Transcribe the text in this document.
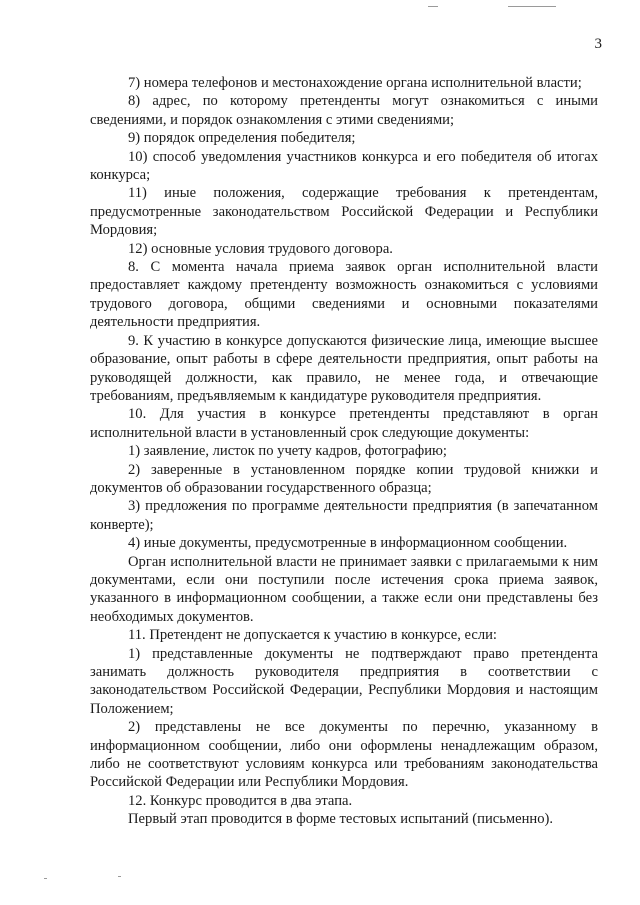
3

7) номера телефонов и местонахождение органа исполнительной власти;

8) адрес, по которому претенденты могут ознакомиться с иными сведениями, и порядок ознакомления с этими сведениями;

9) порядок определения победителя;

10) способ уведомления участников конкурса и его победителя об итогах конкурса;

11) иные положения, содержащие требования к претендентам, предусмотренные законодательством Российской Федерации и Республики Мордовия;

12) основные условия трудового договора.

8. С момента начала приема заявок орган исполнительной власти предоставляет каждому претенденту возможность ознакомиться с условиями трудового договора, общими сведениями и основными показателями деятельности предприятия.

9. К участию в конкурсе допускаются физические лица, имеющие высшее образование, опыт работы в сфере деятельности предприятия, опыт работы на руководящей должности, как правило, не менее года, и отвечающие требованиям, предъявляемым к кандидатуре руководителя предприятия.

10. Для участия в конкурсе претенденты представляют в орган исполнительной власти в установленный срок следующие документы:

1) заявление, листок по учету кадров, фотографию;

2) заверенные в установленном порядке копии трудовой книжки и документов об образовании государственного образца;

3) предложения по программе деятельности предприятия (в запечатанном конверте);

4) иные документы, предусмотренные в информационном сообщении.

Орган исполнительной власти не принимает заявки с прилагаемыми к ним документами, если они поступили после истечения срока приема заявок, указанного в информационном сообщении, а также если они представлены без необходимых документов.

11. Претендент не допускается к участию в конкурсе, если:

1) представленные документы не подтверждают право претендента занимать должность руководителя предприятия в соответствии с законодательством Российской Федерации, Республики Мордовия и настоящим Положением;

2) представлены не все документы по перечню, указанному в информационном сообщении, либо они оформлены ненадлежащим образом, либо не соответствуют условиям конкурса или требованиям законодательства Российской Федерации или Республики Мордовия.

12. Конкурс проводится в два этапа.

Первый этап проводится в форме тестовых испытаний (письменно).
